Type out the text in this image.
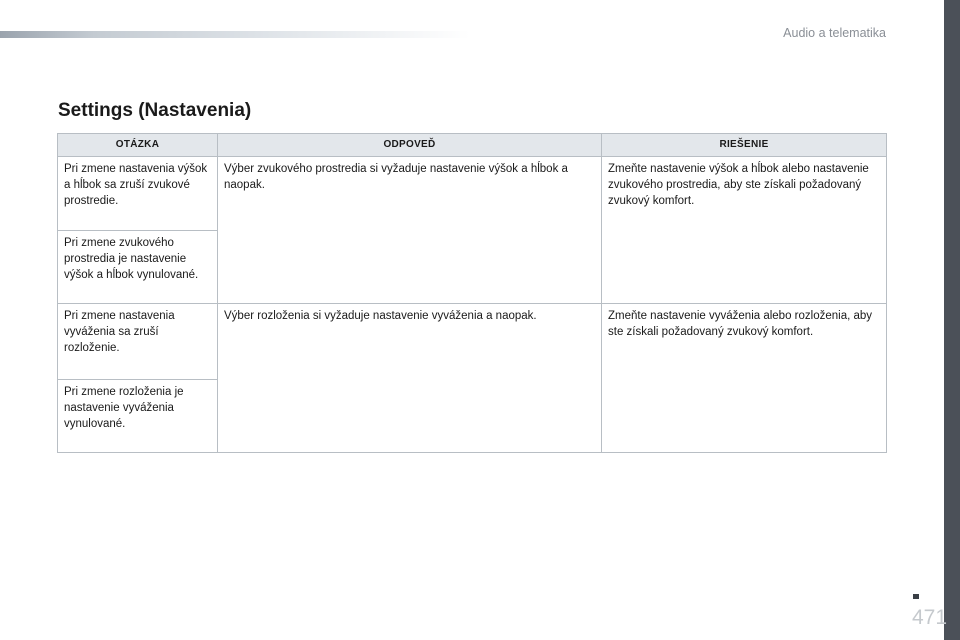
Audio a telematika
Settings (Nastavenia)
OTÁZKA	ODPOVEĎ	RIEŠENIE
Pri zmene nastavenia výšok a hĺbok sa zruší zvukové prostredie.	Výber zvukového prostredia si vyžaduje nastavenie výšok a hĺbok a naopak.	Zmeňte nastavenie výšok a hĺbok alebo nastavenie zvukového prostredia, aby ste získali požadovaný zvukový komfort.
Pri zmene zvukového prostredia je nastavenie výšok a hĺbok vynulované.		
Pri zmene nastavenia vyváženia sa zruší rozloženie.	Výber rozloženia si vyžaduje nastavenie vyváženia a naopak.	Zmeňte nastavenie vyváženia alebo rozloženia, aby ste získali požadovaný zvukový komfort.
Pri zmene rozloženia je nastavenie vyváženia vynulované.		
471
